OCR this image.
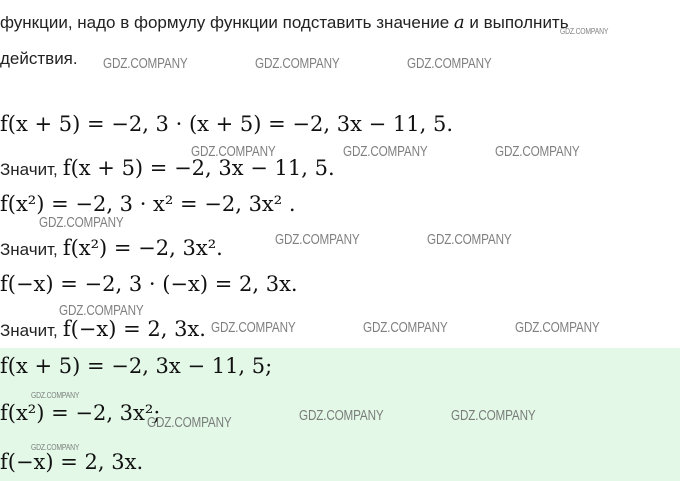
функции, надо в формулу функции подставить значение a и выполнить
действия.
f(x + 5) = −2, 3 · (x + 5) = −2, 3x − 11, 5.
Значит, f(x + 5) = −2, 3x − 11, 5.
f(x²) = −2, 3 · x² = −2, 3x² .
Значит, f(x²) = −2, 3x².
f(−x) = −2, 3 · (−x) = 2, 3x.
Значит, f(−x) = 2, 3x.
f(x + 5) = −2, 3x − 11, 5;
f(x²) = −2, 3x²;
f(−x) = 2, 3x.
GDZ.COMPANY
GDZ.COMPANY	GDZ.COMPANY	GDZ.COMPANY
GDZ.COMPANY	GDZ.COMPANY	GDZ.COMPANY
GDZ.COMPANY
GDZ.COMPANY	GDZ.COMPANY
GDZ.COMPANY
GDZ.COMPANY	GDZ.COMPANY	GDZ.COMPANY
GDZ.COMPANY
GDZ.COMPANY	GDZ.COMPANY	GDZ.COMPANY
GDZ.COMPANY
